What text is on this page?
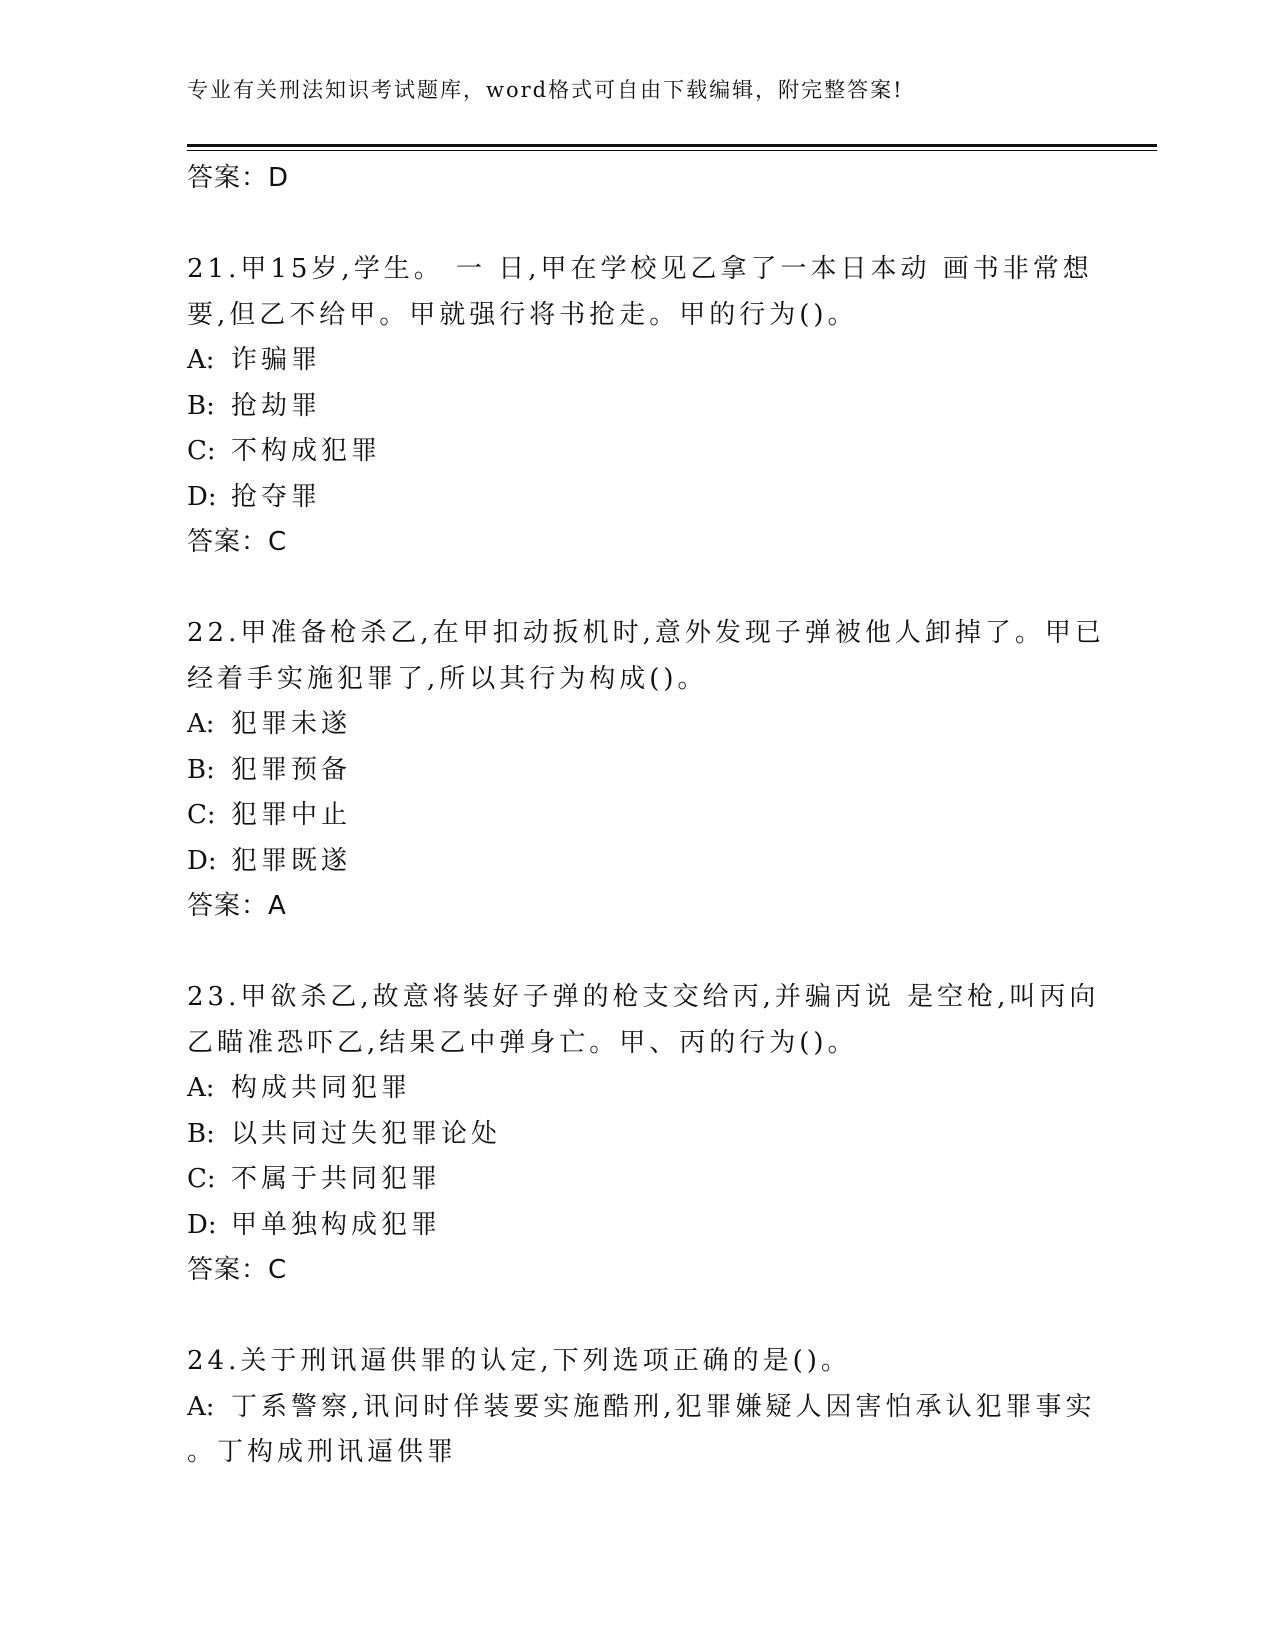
专业有关刑法知识考试题库，word格式可自由下载编辑，附完整答案!
答案：D
21.甲15岁,学生。 一 日,甲在学校见乙拿了一本日本动 画书非常想
要,但乙不给甲。甲就强行将书抢走。甲的行为()。
A: 诈骗罪
B: 抢劫罪
C: 不构成犯罪
D: 抢夺罪
答案：C
22.甲准备枪杀乙,在甲扣动扳机时,意外发现子弹被他人卸掉了。甲已
经着手实施犯罪了,所以其行为构成()。
A: 犯罪未遂
B: 犯罪预备
C: 犯罪中止
D: 犯罪既遂
答案：A
23.甲欲杀乙,故意将装好子弹的枪支交给丙,并骗丙说 是空枪,叫丙向
乙瞄准恐吓乙,结果乙中弹身亡。甲、丙的行为()。
A: 构成共同犯罪
B: 以共同过失犯罪论处
C: 不属于共同犯罪
D: 甲单独构成犯罪
答案：C
24.关于刑讯逼供罪的认定,下列选项正确的是()。
A: 丁系警察,讯问时佯装要实施酷刑,犯罪嫌疑人因害怕承认犯罪事实
。丁构成刑讯逼供罪
